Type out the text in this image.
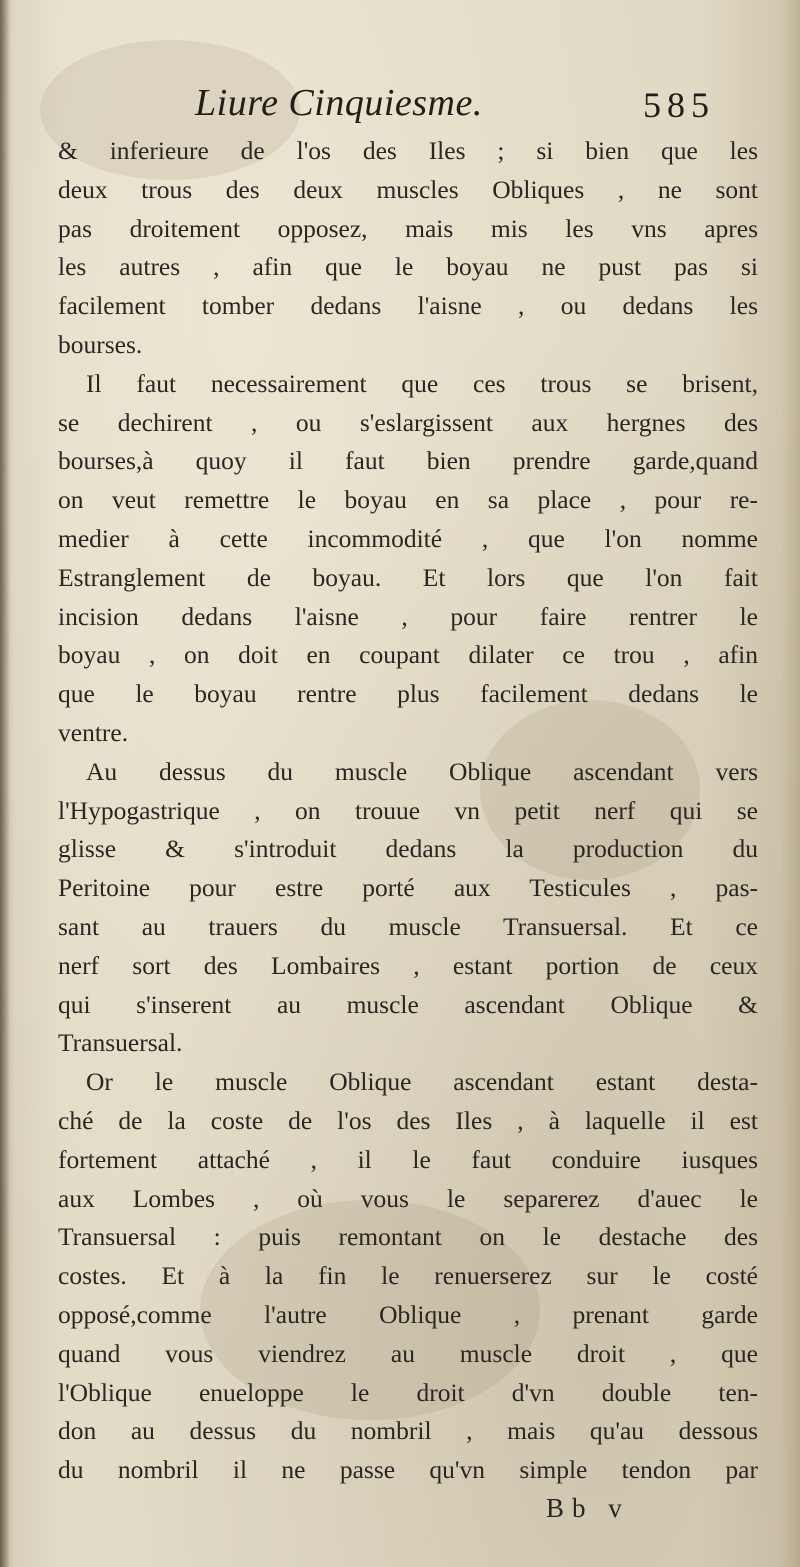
Liure Cinquiesme.	585
& inferieure de l'os des Iles ; si bien que les
deux trous des deux muscles Obliques , ne sont
pas droitement opposez, mais mis les vns apres
les autres , afin que le boyau ne pust pas si
facilement tomber dedans l'aisne , ou dedans les
bourses.
Il faut necessairement que ces trous se brisent,
se dechirent , ou s'eslargissent aux hergnes des
bourses,à quoy il faut bien prendre garde,quand
on veut remettre le boyau en sa place , pour re-
medier à cette incommodité , que l'on nomme
Estranglement de boyau. Et lors que l'on fait
incision dedans l'aisne , pour faire rentrer le
boyau , on doit en coupant dilater ce trou , afin
que le boyau rentre plus facilement dedans le
ventre.
Au dessus du muscle Oblique ascendant vers
l'Hypogastrique , on trouue vn petit nerf qui se
glisse & s'introduit dedans la production du
Peritoine pour estre porté aux Testicules , pas-
sant au trauers du muscle Transuersal. Et ce
nerf sort des Lombaires , estant portion de ceux
qui s'inserent au muscle ascendant Oblique &
Transuersal.
Or le muscle Oblique ascendant estant desta-
ché de la coste de l'os des Iles , à laquelle il est
fortement attaché , il le faut conduire iusques
aux Lombes , où vous le separerez d'auec le
Transuersal : puis remontant on le destache des
costes. Et à la fin le renuerserez sur le costé
opposé,comme l'autre Oblique , prenant garde
quand vous viendrez au muscle droit , que
l'Oblique enueloppe le droit d'vn double ten-
don au dessus du nombril , mais qu'au dessous
du nombril il ne passe qu'vn simple tendon par
Bb v
